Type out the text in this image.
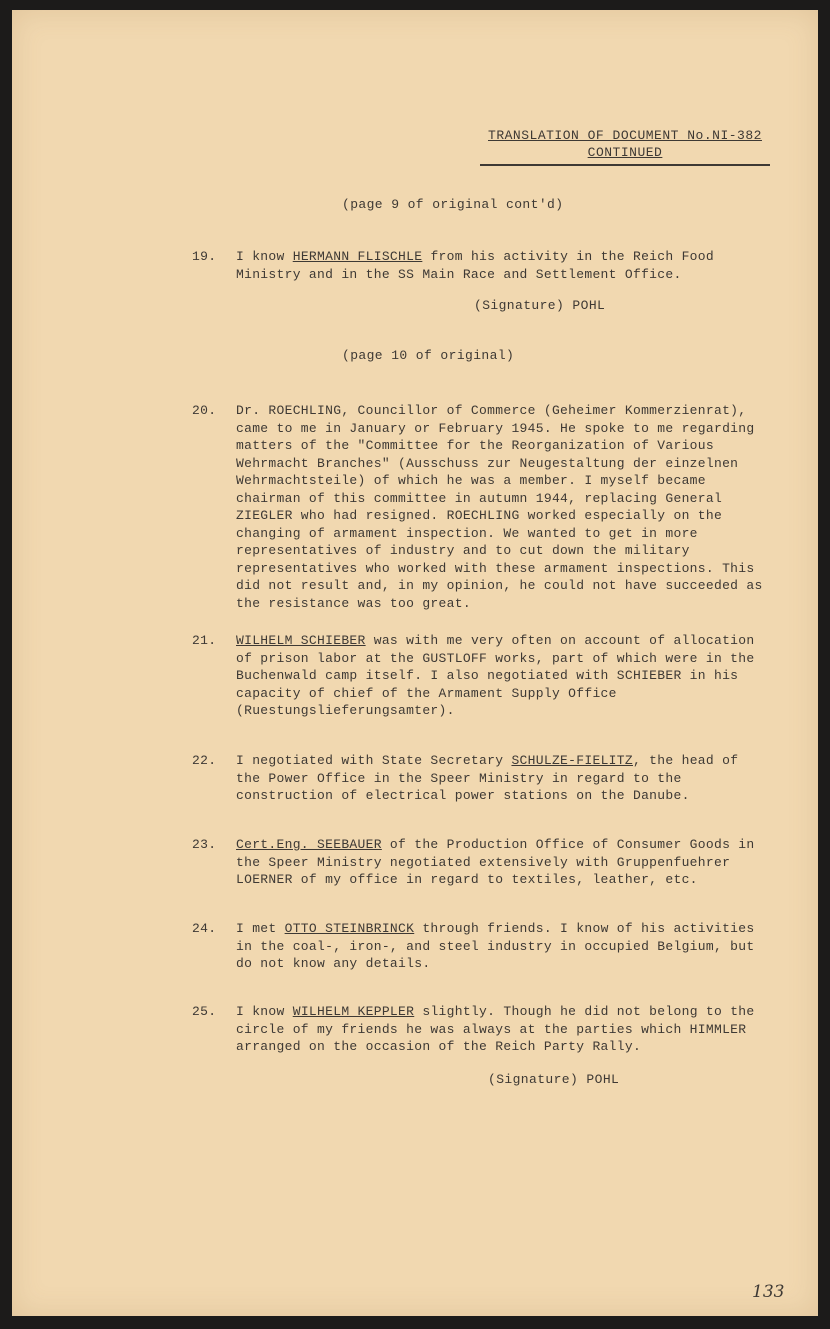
TRANSLATION OF DOCUMENT No.NI-382
CONTINUED
(page 9 of original cont'd)
19. I know HERMANN FLISCHLE from his activity in the Reich Food Ministry and in the SS Main Race and Settlement Office.
(Signature) POHL
(page 10 of original)
20. Dr. ROECHLING, Councillor of Commerce (Geheimer Kommerzienrat), came to me in January or February 1945. He spoke to me regarding matters of the "Committee for the Reorganization of Various Wehrmacht Branches" (Ausschuss zur Neugestaltung der einzelnen Wehrmachtsteile) of which he was a member. I myself became chairman of this committee in autumn 1944, replacing General ZIEGLER who had resigned. ROECHLING worked especially on the changing of armament inspection. We wanted to get in more representatives of industry and to cut down the military representatives who worked with these armament inspections. This did not result and, in my opinion, he could not have succeeded as the resistance was too great.
21. WILHELM SCHIEBER was with me very often on account of allocation of prison labor at the GUSTLOFF works, part of which were in the Buchenwald camp itself. I also negotiated with SCHIEBER in his capacity of chief of the Armament Supply Office (Ruestungslieferungsamter).
22. I negotiated with State Secretary SCHULZE-FIELITZ, the head of the Power Office in the Speer Ministry in regard to the construction of electrical power stations on the Danube.
23. Cert.Eng. SEEBAUER of the Production Office of Consumer Goods in the Speer Ministry negotiated extensively with Gruppenfuehrer LOERNER of my office in regard to textiles, leather, etc.
24. I met OTTO STEINBRINCK through friends. I know of his activities in the coal-, iron-, and steel industry in occupied Belgium, but do not know any details.
25. I know WILHELM KEPPLER slightly. Though he did not belong to the circle of my friends he was always at the parties which HIMMLER arranged on the occasion of the Reich Party Rally.
(Signature) POHL
133
